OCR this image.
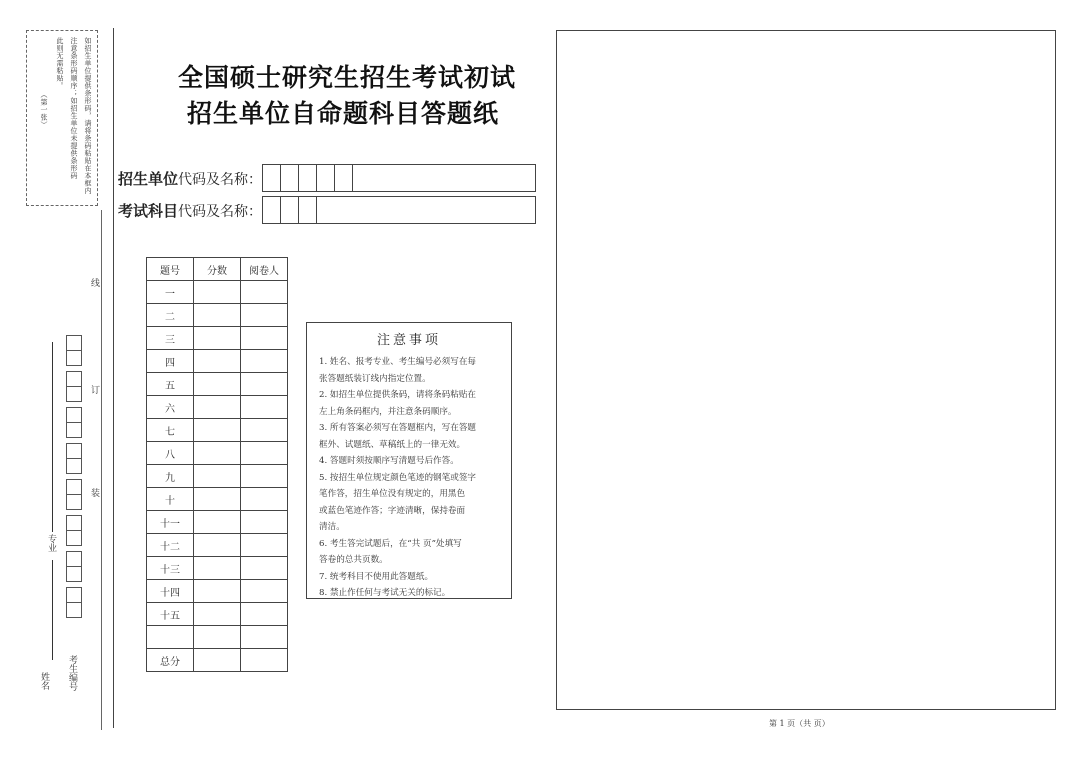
如招生单位提供条形码，请将条码粘贴在本框内
注意条形码顺序；如招生单位未提供条形码
此则无需粘贴。
（第一张）
线
订
装
专业
姓名 考生编号
全国硕士研究生招生考试初试
招生单位自命题科目答题纸
招生单位代码及名称：
考试科目代码及名称：
题号	分数	阅卷人
一		
二		
三		
四		
五		
六		
七		
八		
九		
十		
十一		
十二		
十三		
十四		
十五		

总分		
注意事项
1. 姓名、报考专业、考生编号必须写在每
张答题纸装订线内指定位置。
2. 如招生单位提供条码，请将条码粘贴在
左上角条码框内，并注意条码顺序。
3. 所有答案必须写在答题框内，写在答题
框外、试题纸、草稿纸上的一律无效。
4. 答题时须按顺序写清题号后作答。
5. 按招生单位规定颜色笔迹的钢笔或签字
笔作答，招生单位没有规定的，用黑色
或蓝色笔迹作答；字迹清晰，保持卷面
清洁。
6. 考生答完试题后，在“共 页”处填写
答卷的总共页数。
7. 统考科目不使用此答题纸。
8. 禁止作任何与考试无关的标记。
第 1 页（共 页）
